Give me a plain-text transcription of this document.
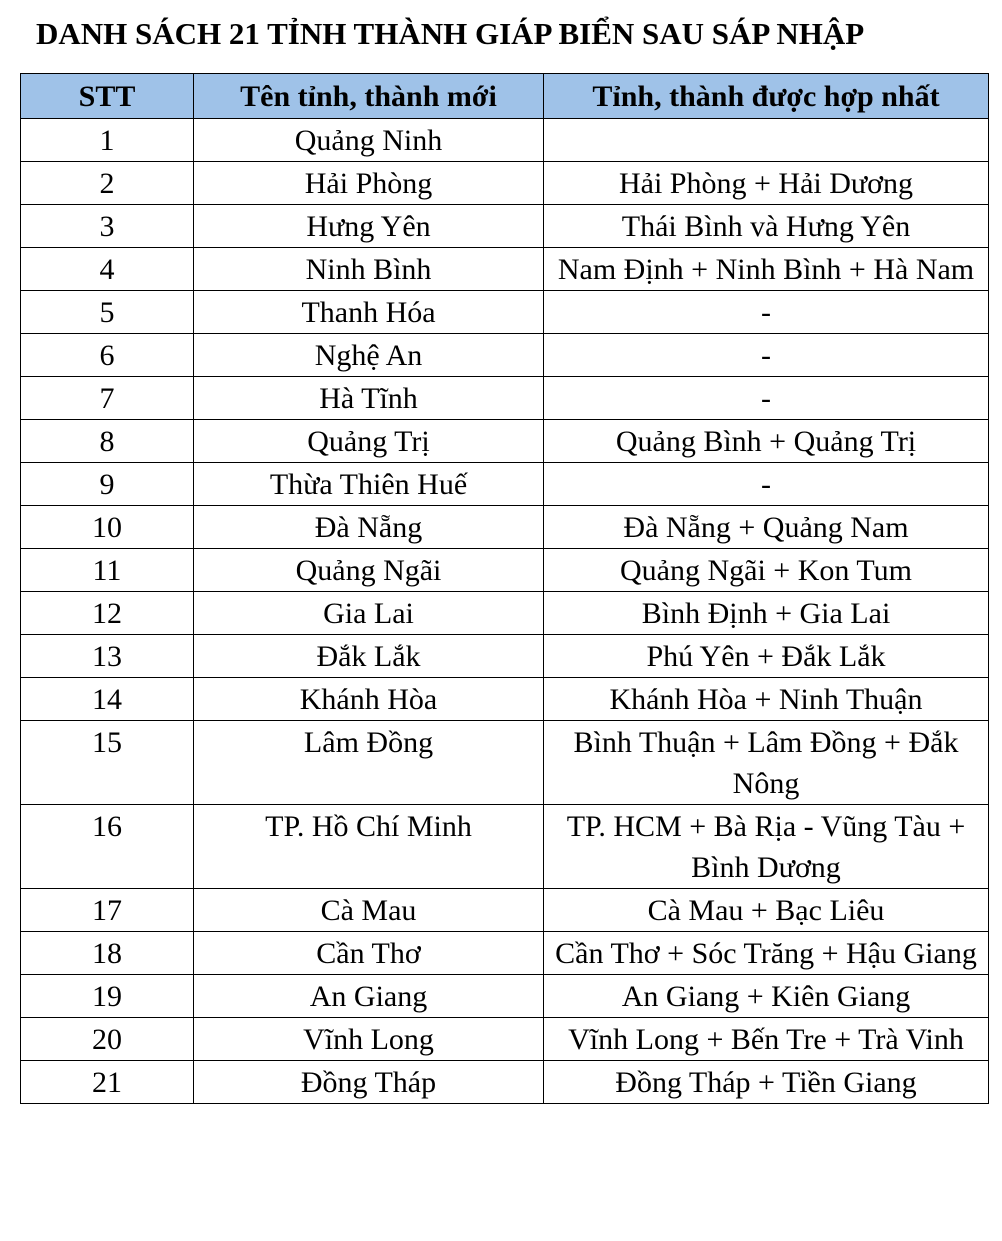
DANH SÁCH 21 TỈNH THÀNH GIÁP BIỂN SAU SÁP NHẬP
STT	Tên tỉnh, thành mới	Tỉnh, thành được hợp nhất
1	Quảng Ninh	
2	Hải Phòng	Hải Phòng + Hải Dương
3	Hưng Yên	Thái Bình và Hưng Yên
4	Ninh Bình	Nam Định + Ninh Bình + Hà Nam
5	Thanh Hóa	-
6	Nghệ An	-
7	Hà Tĩnh	-
8	Quảng Trị	Quảng Bình + Quảng Trị
9	Thừa Thiên Huế	-
10	Đà Nẵng	Đà Nẵng + Quảng Nam
11	Quảng Ngãi	Quảng Ngãi + Kon Tum
12	Gia Lai	Bình Định + Gia Lai
13	Đắk Lắk	Phú Yên + Đắk Lắk
14	Khánh Hòa	Khánh Hòa + Ninh Thuận
15	Lâm Đồng	Bình Thuận + Lâm Đồng + Đắk Nông
16	TP. Hồ Chí Minh	TP. HCM + Bà Rịa - Vũng Tàu + Bình Dương
17	Cà Mau	Cà Mau + Bạc Liêu
18	Cần Thơ	Cần Thơ + Sóc Trăng + Hậu Giang
19	An Giang	An Giang + Kiên Giang
20	Vĩnh Long	Vĩnh Long + Bến Tre + Trà Vinh
21	Đồng Tháp	Đồng Tháp + Tiền Giang
